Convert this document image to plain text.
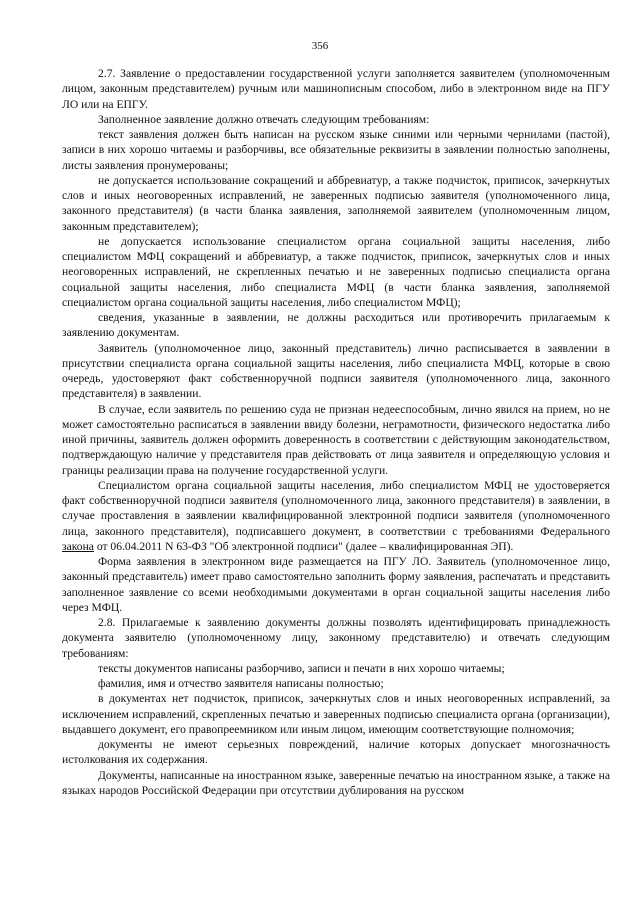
356

2.7. Заявление о предоставлении государственной услуги заполняется заявителем (уполномоченным лицом, законным представителем) ручным или машинописным способом, либо в электронном виде на ПГУ ЛО или на ЕПГУ.

Заполненное заявление должно отвечать следующим требованиям:

текст заявления должен быть написан на русском языке синими или черными чернилами (пастой), записи в них хорошо читаемы и разборчивы, все обязательные реквизиты в заявлении полностью заполнены, листы заявления пронумерованы;

не допускается использование сокращений и аббревиатур, а также подчисток, приписок, зачеркнутых слов и иных неоговоренных исправлений, не заверенных подписью заявителя (уполномоченного лица, законного представителя) (в части бланка заявления, заполняемой заявителем (уполномоченным лицом, законным представителем);

не допускается использование специалистом органа социальной защиты населения, либо специалистом МФЦ сокращений и аббревиатур, а также подчисток, приписок, зачеркнутых слов и иных неоговоренных исправлений, не скрепленных печатью и не заверенных подписью специалиста органа социальной защиты населения, либо специалиста МФЦ (в части бланка заявления, заполняемой специалистом органа социальной защиты населения, либо специалистом МФЦ);

сведения, указанные в заявлении, не должны расходиться или противоречить прилагаемым к заявлению документам.

Заявитель (уполномоченное лицо, законный представитель) лично расписывается в заявлении в присутствии специалиста органа социальной защиты населения, либо специалиста МФЦ, которые в свою очередь, удостоверяют факт собственноручной подписи заявителя (уполномоченного лица, законного представителя) в заявлении.

В случае, если заявитель по решению суда не признан недееспособным, лично явился на прием, но не может самостоятельно расписаться в заявлении ввиду болезни, неграмотности, физического недостатка либо иной причины, заявитель должен оформить доверенность в соответствии с действующим законодательством, подтверждающую наличие у представителя прав действовать от лица заявителя и определяющую условия и границы реализации права на получение государственной услуги.

Специалистом органа социальной защиты населения, либо специалистом МФЦ не удостоверяется факт собственноручной подписи заявителя (уполномоченного лица, законного представителя) в заявлении, в случае проставления в заявлении квалифицированной электронной подписи заявителя (уполномоченного лица, законного представителя), подписавшего документ, в соответствии с требованиями Федерального закона от 06.04.2011 N 63-ФЗ "Об электронной подписи" (далее – квалифицированная ЭП).

Форма заявления в электронном виде размещается на ПГУ ЛО. Заявитель (уполномоченное лицо, законный представитель) имеет право самостоятельно заполнить форму заявления, распечатать и представить заполненное заявление со всеми необходимыми документами в орган социальной защиты населения либо через МФЦ.

2.8. Прилагаемые к заявлению документы должны позволять идентифицировать принадлежность документа заявителю (уполномоченному лицу, законному представителю) и отвечать следующим требованиям:

тексты документов написаны разборчиво, записи и печати в них хорошо читаемы;

фамилия, имя и отчество заявителя написаны полностью;

в документах нет подчисток, приписок, зачеркнутых слов и иных неоговоренных исправлений, за исключением исправлений, скрепленных печатью и заверенных подписью специалиста органа (организации), выдавшего документ, его правопреемником или иным лицом, имеющим соответствующие полномочия;

документы не имеют серьезных повреждений, наличие которых допускает многозначность истолкования их содержания.

Документы, написанные на иностранном языке, заверенные печатью на иностранном языке, а также на языках народов Российской Федерации при отсутствии дублирования на русском
